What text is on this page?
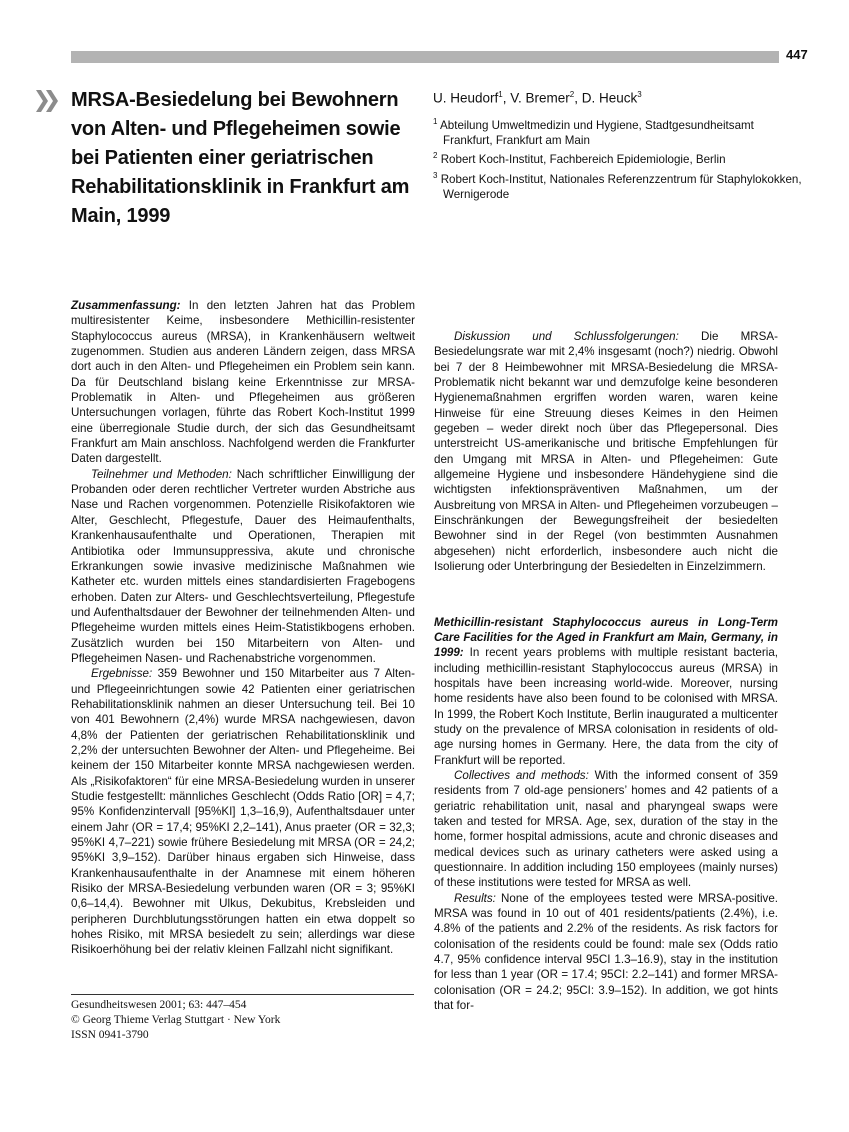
447
MRSA-Besiedelung bei Bewohnern von Alten- und Pflegeheimen sowie bei Patienten einer geriatrischen Rehabilitationsklinik in Frankfurt am Main, 1999

U. Heudorf$^1$, V. Bremer$^2$, D. Heuck$^3$

$^1$ Abteilung Umweltmedizin und Hygiene, Stadtgesundheitsamt Frankfurt, Frankfurt am Main

$^2$ Robert Koch-Institut, Fachbereich Epidemiologie, Berlin

$^3$ Robert Koch-Institut, Nationales Referenzzentrum für Staphylokokken, Wernigerode

Zusammenfassung: In den letzten Jahren hat das Problem multiresistenter Keime, insbesondere Methicillin-resistenter Staphylococcus aureus (MRSA), in Krankenhäusern weltweit zugenommen. Studien aus anderen Ländern zeigen, dass MRSA dort auch in den Alten- und Pflegeheimen ein Problem sein kann. Da für Deutschland bislang keine Erkenntnisse zur MRSA-Problematik in Alten- und Pflegeheimen aus größeren Untersuchungen vorlagen, führte das Robert Koch-Institut 1999 eine überregionale Studie durch, der sich das Gesundheitsamt Frankfurt am Main anschloss. Nachfolgend werden die Frankfurter Daten dargestellt.

Teilnehmer und Methoden: Nach schriftlicher Einwilligung der Probanden oder deren rechtlicher Vertreter wurden Abstriche aus Nase und Rachen vorgenommen. Potenzielle Risikofaktoren wie Alter, Geschlecht, Pflegestufe, Dauer des Heimaufenthalts, Krankenhausaufenthalte und Operationen, Therapien mit Antibiotika oder Immunsuppressiva, akute und chronische Erkrankungen sowie invasive medizinische Maßnahmen wie Katheter etc. wurden mittels eines standardisierten Fragebogens erhoben. Daten zur Alters- und Geschlechtsverteilung, Pflegestufe und Aufenthaltsdauer der Bewohner der teilnehmenden Alten- und Pflegeheime wurden mittels eines Heim-Statistikbogens erhoben. Zusätzlich wurden bei 150 Mitarbeitern von Alten- und Pflegeheimen Nasen- und Rachenabstriche vorgenommen.

Ergebnisse: 359 Bewohner und 150 Mitarbeiter aus 7 Alten- und Pflegeeinrichtungen sowie 42 Patienten einer geriatrischen Rehabilitationsklinik nahmen an dieser Untersuchung teil. Bei 10 von 401 Bewohnern (2,4%) wurde MRSA nachgewiesen, davon 4,8% der Patienten der geriatrischen Rehabilitationsklinik und 2,2% der untersuchten Bewohner der Alten- und Pflegeheime. Bei keinem der 150 Mitarbeiter konnte MRSA nachgewiesen werden. Als „Risikofaktoren“ für eine MRSA-Besiedelung wurden in unserer Studie festgestellt: männliches Geschlecht (Odds Ratio [OR] = 4,7; 95% Konfidenzintervall [95%KI] 1,3–16,9), Aufenthaltsdauer unter einem Jahr (OR = 17,4; 95%KI 2,2–141), Anus praeter (OR = 32,3; 95%KI 4,7–221) sowie frühere Besiedelung mit MRSA (OR = 24,2; 95%KI 3,9–152). Darüber hinaus ergaben sich Hinweise, dass Krankenhausaufenthalte in der Anamnese mit einem höheren Risiko der MRSA-Besiedelung verbunden waren (OR = 3; 95%KI 0,6–14,4). Bewohner mit Ulkus, Dekubitus, Krebsleiden und peripheren Durchblutungsstörungen hatten ein etwa doppelt so hohes Risiko, mit MRSA besiedelt zu sein; allerdings war diese Risikoerhöhung bei der relativ kleinen Fallzahl nicht signifikant.

Diskussion und Schlussfolgerungen: Die MRSA-Besiedelungsrate war mit 2,4% insgesamt (noch?) niedrig. Obwohl bei 7 der 8 Heimbewohner mit MRSA-Besiedelung die MRSA-Problematik nicht bekannt war und demzufolge keine besonderen Hygienemaßnahmen ergriffen worden waren, waren keine Hinweise für eine Streuung dieses Keimes in den Heimen gegeben – weder direkt noch über das Pflegepersonal. Dies unterstreicht US-amerikanische und britische Empfehlungen für den Umgang mit MRSA in Alten- und Pflegeheimen: Gute allgemeine Hygiene und insbesondere Händehygiene sind die wichtigsten infektionspräventiven Maßnahmen, um der Ausbreitung von MRSA in Alten- und Pflegeheimen vorzubeugen – Einschränkungen der Bewegungsfreiheit der besiedelten Bewohner sind in der Regel (von bestimmten Ausnahmen abgesehen) nicht erforderlich, insbesondere auch nicht die Isolierung oder Unterbringung der Besiedelten in Einzelzimmern.

Methicillin-resistant Staphylococcus aureus in Long-Term Care Facilities for the Aged in Frankfurt am Main, Germany, in 1999: In recent years problems with multiple resistant bacteria, including methicillin-resistant Staphylococcus aureus (MRSA) in hospitals have been increasing world-wide. Moreover, nursing home residents have also been found to be colonised with MRSA. In 1999, the Robert Koch Institute, Berlin inaugurated a multicenter study on the prevalence of MRSA colonisation in residents of old-age nursing homes in Germany. Here, the data from the city of Frankfurt will be reported.

Collectives and methods: With the informed consent of 359 residents from 7 old-age pensioners’ homes and 42 patients of a geriatric rehabilitation unit, nasal and pharyngeal swaps were taken and tested for MRSA. Age, sex, duration of the stay in the home, former hospital admissions, acute and chronic diseases and medical devices such as urinary catheters were asked using a questionnaire. In addition including 150 employees (mainly nurses) of these institutions were tested for MRSA as well.

Results: None of the employees tested were MRSA-positive. MRSA was found in 10 out of 401 residents/patients (2.4%), i.e. 4.8% of the patients and 2.2% of the residents. As risk factors for colonisation of the residents could be found: male sex (Odds ratio 4.7, 95% confidence interval 95CI 1.3–16.9), stay in the institution for less than 1 year (OR = 17.4; 95CI: 2.2–141) and former MRSA-colonisation (OR = 24.2; 95CI: 3.9–152). In addition, we got hints that for-

Gesundheitswesen 2001; 63: 447–454
© Georg Thieme Verlag Stuttgart · New York
ISSN 0941-3790
